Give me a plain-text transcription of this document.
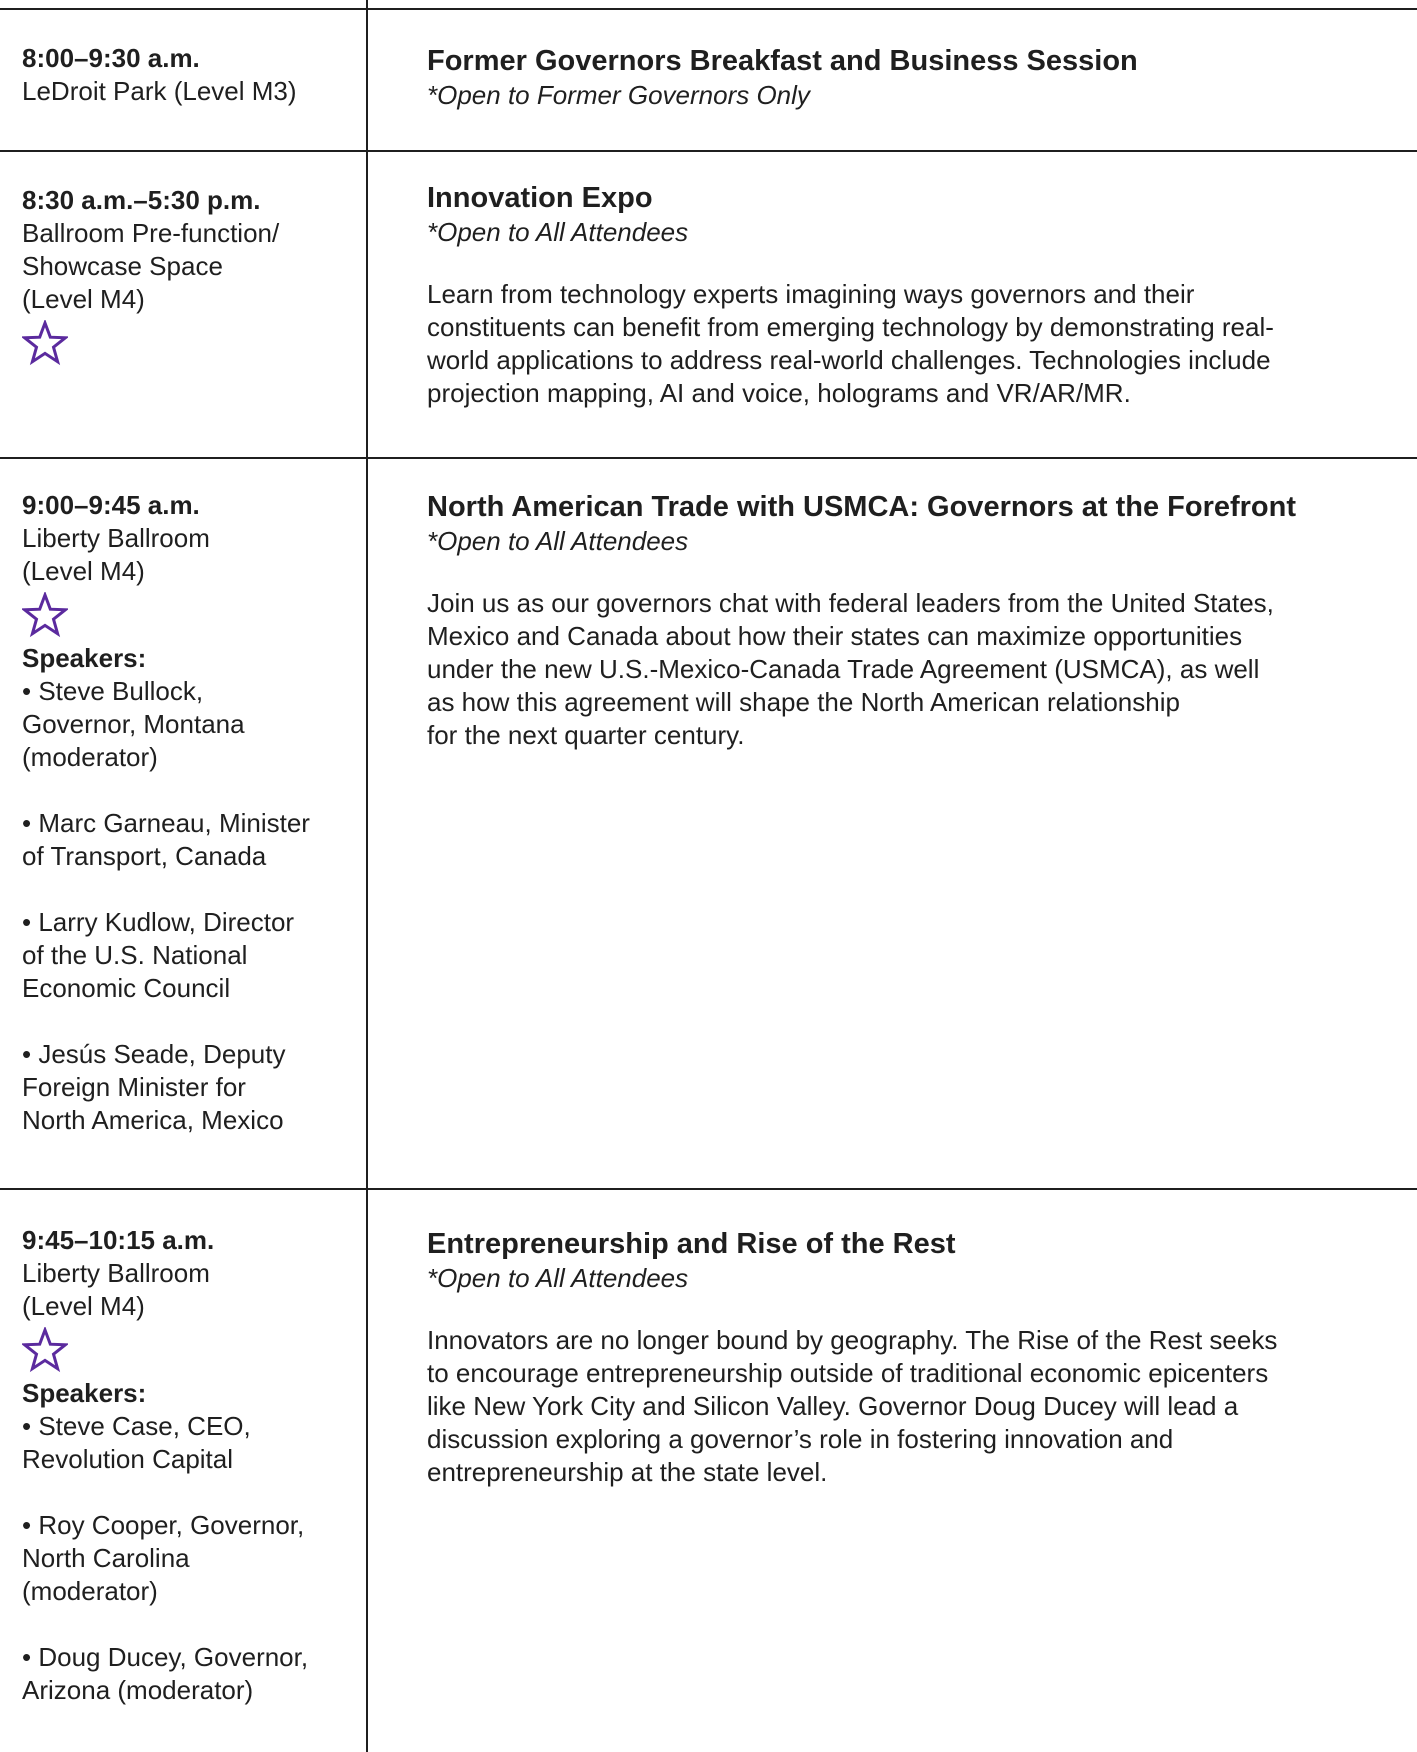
8:00–9:30 a.m.
LeDroit Park (Level M3)
Former Governors Breakfast and Business Session
*Open to Former Governors Only
8:30 a.m.–5:30 p.m.
Ballroom Pre-function/
Showcase Space
(Level M4)
Innovation Expo
*Open to All Attendees
Learn from technology experts imagining ways governors and their
constituents can benefit from emerging technology by demonstrating real-
world applications to address real-world challenges. Technologies include
projection mapping, AI and voice, holograms and VR/AR/MR.
9:00–9:45 a.m.
Liberty Ballroom
(Level M4)
Speakers:
• Steve Bullock,
Governor, Montana
(moderator)
• Marc Garneau, Minister
of Transport, Canada
• Larry Kudlow, Director
of the U.S. National
Economic Council
• Jesús Seade, Deputy
Foreign Minister for
North America, Mexico
North American Trade with USMCA: Governors at the Forefront
*Open to All Attendees
Join us as our governors chat with federal leaders from the United States,
Mexico and Canada about how their states can maximize opportunities
under the new U.S.-Mexico-Canada Trade Agreement (USMCA), as well
as how this agreement will shape the North American relationship
for the next quarter century.
9:45–10:15 a.m.
Liberty Ballroom
(Level M4)
Speakers:
• Steve Case, CEO,
Revolution Capital
• Roy Cooper, Governor,
North Carolina
(moderator)
• Doug Ducey, Governor,
Arizona (moderator)
Entrepreneurship and Rise of the Rest
*Open to All Attendees
Innovators are no longer bound by geography. The Rise of the Rest seeks
to encourage entrepreneurship outside of traditional economic epicenters
like New York City and Silicon Valley. Governor Doug Ducey will lead a
discussion exploring a governor’s role in fostering innovation and
entrepreneurship at the state level.
